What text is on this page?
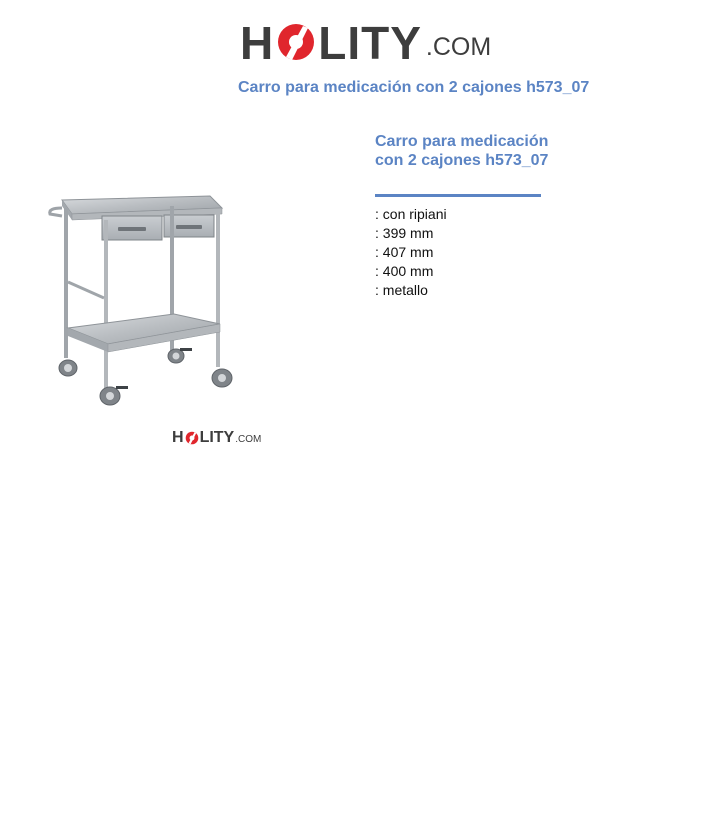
H LITY .COM
Carro para medicación con 2 cajones h573_07
H LITY .COM
Carro para medicación con 2 cajones h573_07
: con ripiani
: 399 mm
: 407 mm
: 400 mm
: metallo
